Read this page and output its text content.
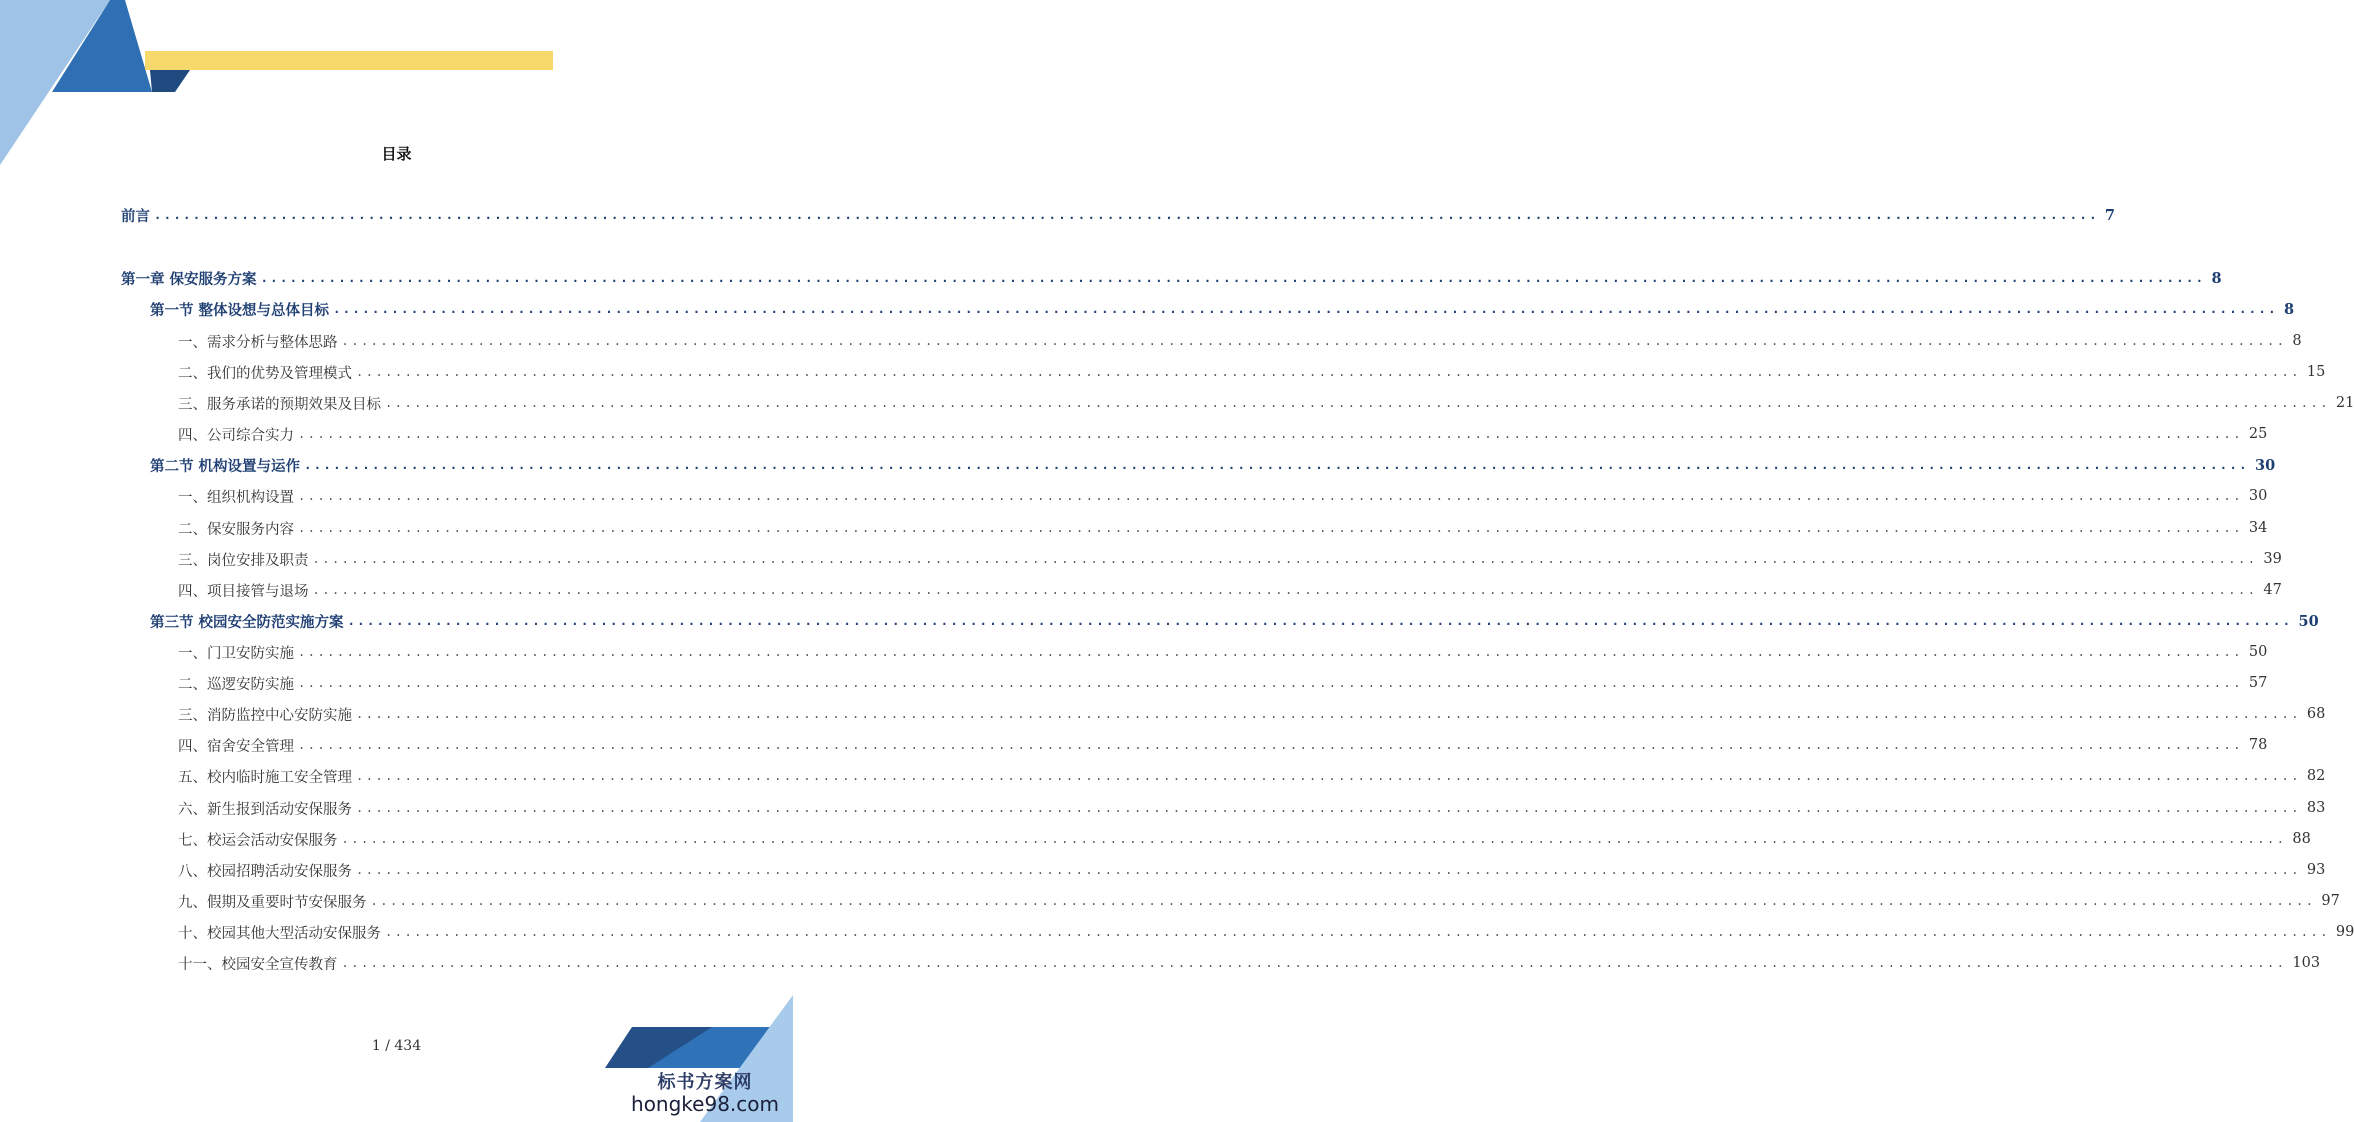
目录
前言 ........................................................................................................................................................................................................ 7
第一章 保安服务方案 ........................................................................................................................................................................................................ 8
第一节 整体设想与总体目标 ........................................................................................................................................................................................................ 8
一、需求分析与整体思路 ........................................................................................................................................................................................................ 8
二、我们的优势及管理模式 ........................................................................................................................................................................................................ 15
三、服务承诺的预期效果及目标 ........................................................................................................................................................................................................ 21
四、公司综合实力 ........................................................................................................................................................................................................ 25
第二节 机构设置与运作 ........................................................................................................................................................................................................ 30
一、组织机构设置 ........................................................................................................................................................................................................ 30
二、保安服务内容 ........................................................................................................................................................................................................ 34
三、岗位安排及职责 ........................................................................................................................................................................................................ 39
四、项目接管与退场 ........................................................................................................................................................................................................ 47
第三节 校园安全防范实施方案 ........................................................................................................................................................................................................ 50
一、门卫安防实施 ........................................................................................................................................................................................................ 50
二、巡逻安防实施 ........................................................................................................................................................................................................ 57
三、消防监控中心安防实施 ........................................................................................................................................................................................................ 68
四、宿舍安全管理 ........................................................................................................................................................................................................ 78
五、校内临时施工安全管理 ........................................................................................................................................................................................................ 82
六、新生报到活动安保服务 ........................................................................................................................................................................................................ 83
七、校运会活动安保服务 ........................................................................................................................................................................................................ 88
八、校园招聘活动安保服务 ........................................................................................................................................................................................................ 93
九、假期及重要时节安保服务 ........................................................................................................................................................................................................ 97
十、校园其他大型活动安保服务 ........................................................................................................................................................................................................ 99
十一、校园安全宣传教育 ........................................................................................................................................................................................................ 103
1 / 434
标书方案网
hongke98.com
